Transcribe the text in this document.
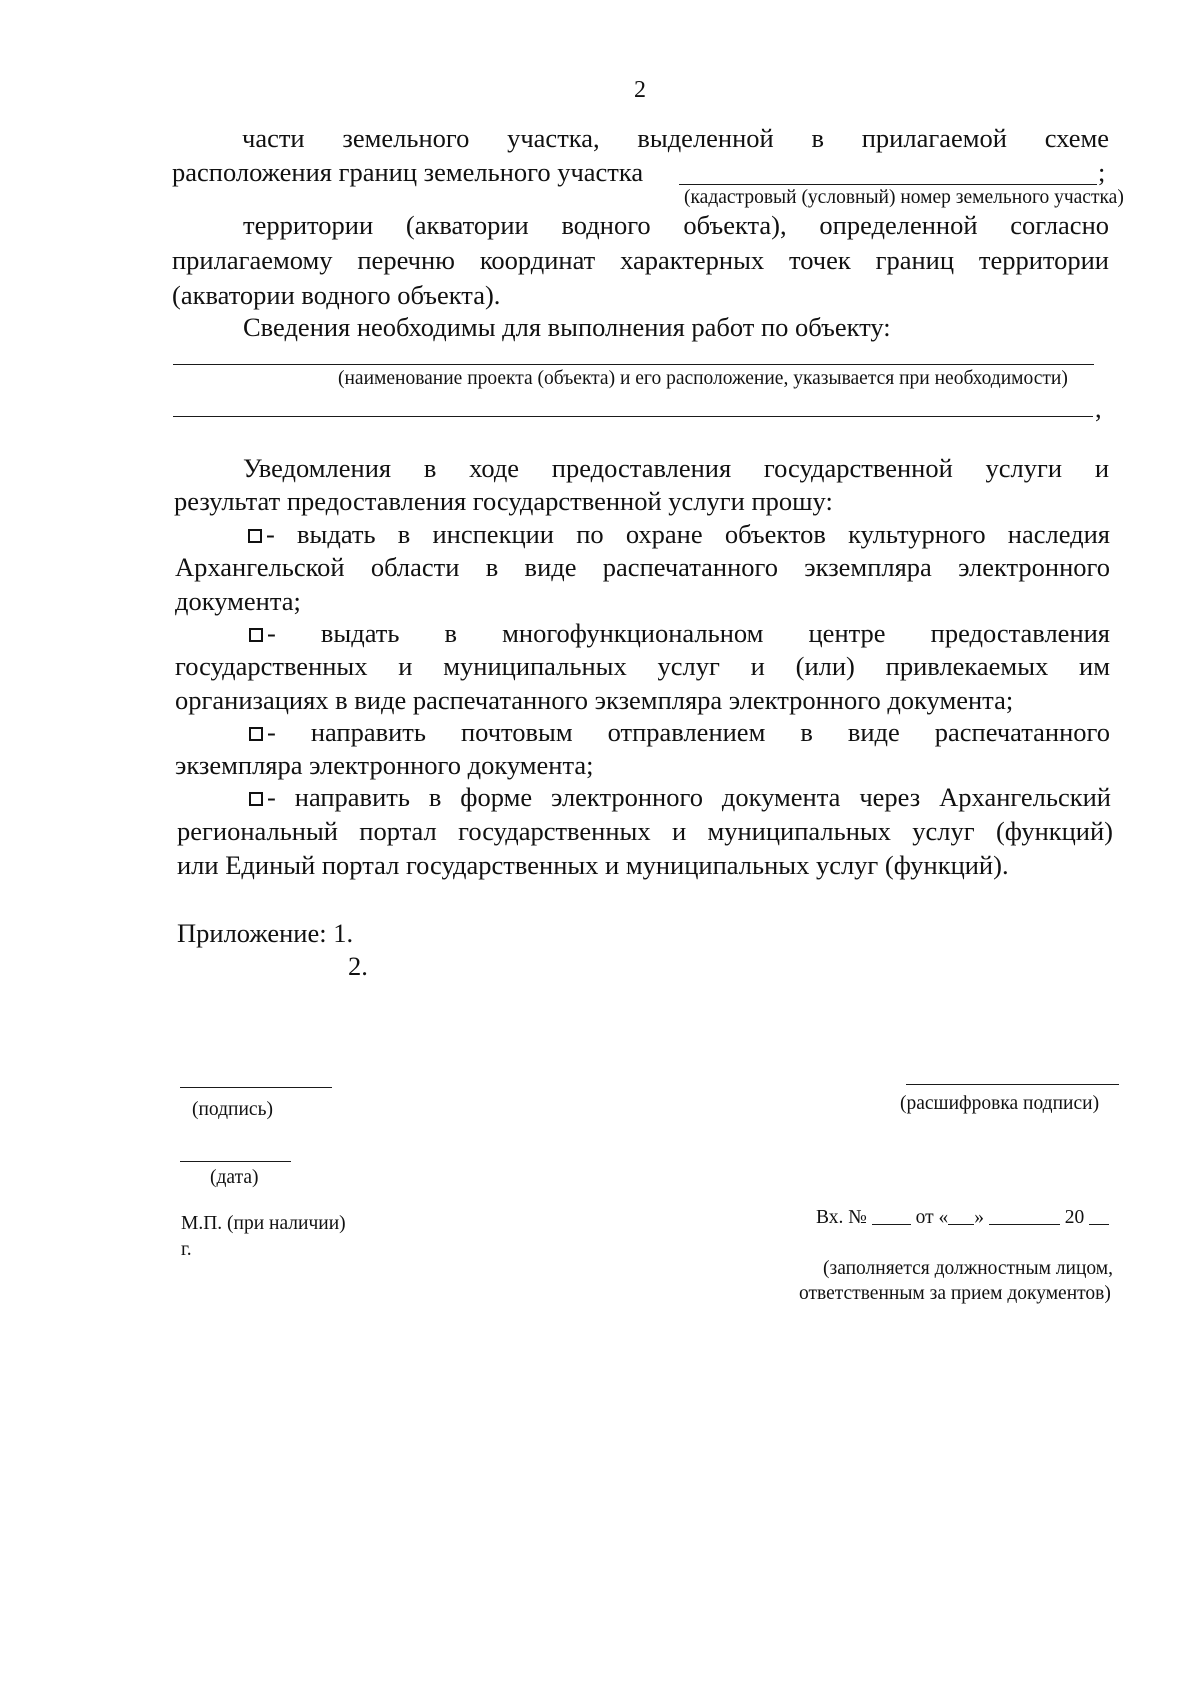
2
части земельного участка, выделенной в прилагаемой схеме
расположения границ земельного участка	;
(кадастровый (условный) номер земельного участка)
территории (акватории водного объекта), определенной согласно
прилагаемому перечню координат характерных точек границ территории
(акватории водного объекта).
Сведения необходимы для выполнения работ по объекту:
(наименование проекта (объекта) и его расположение, указывается при необходимости)
,
Уведомления в ходе предоставления государственной услуги и
результат предоставления государственной услуги прошу:
- выдать в инспекции по охране объектов культурного наследия
Архангельской области в виде распечатанного экземпляра электронного
документа;
- выдать в многофункциональном центре предоставления
государственных и муниципальных услуг и (или) привлекаемых им
организациях в виде распечатанного экземпляра электронного документа;
- направить почтовым отправлением в виде распечатанного
экземпляра электронного документа;
- направить в форме электронного документа через Архангельский
региональный портал государственных и муниципальных услуг (функций)
или Единый портал государственных и муниципальных услуг (функций).
Приложение: 1.
2.
(подпись)	(расшифровка подписи)
(дата)
М.П. (при наличии)
г.
Вх. №	от « »	20
(заполняется должностным лицом,
ответственным за прием документов)
